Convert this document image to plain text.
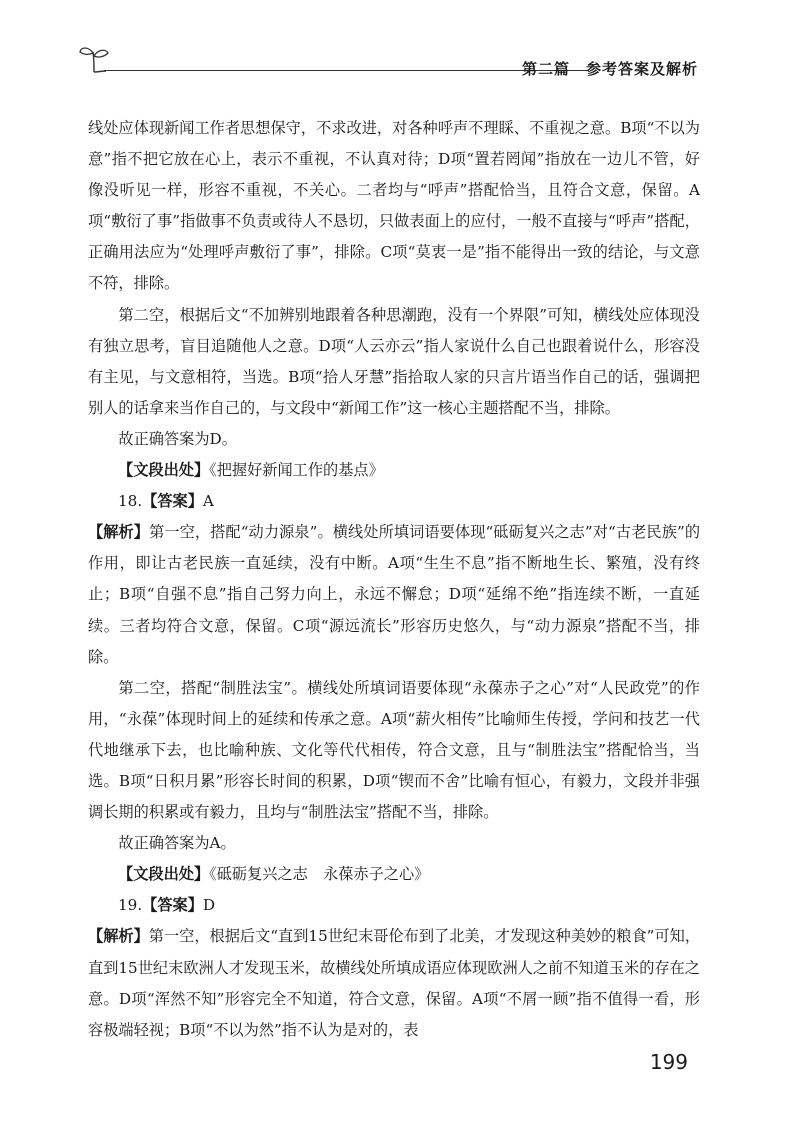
第二篇　参考答案及解析

线处应体现新闻工作者思想保守，不求改进，对各种呼声不理睬、不重视之意。B项“不以为意”指不把它放在心上，表示不重视，不认真对待；D项“置若罔闻”指放在一边儿不管，好像没听见一样，形容不重视，不关心。二者均与“呼声”搭配恰当，且符合文意，保留。A项“敷衍了事”指做事不负责或待人不恳切，只做表面上的应付，一般不直接与“呼声”搭配，正确用法应为“处理呼声敷衍了事”，排除。C项“莫衷一是”指不能得出一致的结论，与文意不符，排除。

第二空，根据后文“不加辨别地跟着各种思潮跑，没有一个界限”可知，横线处应体现没有独立思考，盲目追随他人之意。D项“人云亦云”指人家说什么自己也跟着说什么，形容没有主见，与文意相符，当选。B项“拾人牙慧”指拾取人家的只言片语当作自己的话，强调把别人的话拿来当作自己的，与文段中“新闻工作”这一核心主题搭配不当，排除。

故正确答案为D。

【文段出处】《把握好新闻工作的基点》

18.【答案】A

【解析】第一空，搭配“动力源泉”。横线处所填词语要体现“砥砺复兴之志”对“古老民族”的作用，即让古老民族一直延续，没有中断。A项“生生不息”指不断地生长、繁殖，没有终止；B项“自强不息”指自己努力向上，永远不懈怠；D项“延绵不绝”指连续不断，一直延续。三者均符合文意，保留。C项“源远流长”形容历史悠久，与“动力源泉”搭配不当，排除。

第二空，搭配“制胜法宝”。横线处所填词语要体现“永葆赤子之心”对“人民政党”的作用，“永葆”体现时间上的延续和传承之意。A项“薪火相传”比喻师生传授，学问和技艺一代代地继承下去，也比喻种族、文化等代代相传，符合文意，且与“制胜法宝”搭配恰当，当选。B项“日积月累”形容长时间的积累，D项“锲而不舍”比喻有恒心，有毅力，文段并非强调长期的积累或有毅力，且均与“制胜法宝”搭配不当，排除。

故正确答案为A。

【文段出处】《砥砺复兴之志　永葆赤子之心》

19.【答案】D

【解析】第一空，根据后文“直到15世纪末哥伦布到了北美，才发现这种美妙的粮食”可知，直到15世纪末欧洲人才发现玉米，故横线处所填成语应体现欧洲人之前不知道玉米的存在之意。D项“浑然不知”形容完全不知道，符合文意，保留。A项“不屑一顾”指不值得一看，形容极端轻视；B项“不以为然”指不认为是对的，表

199
